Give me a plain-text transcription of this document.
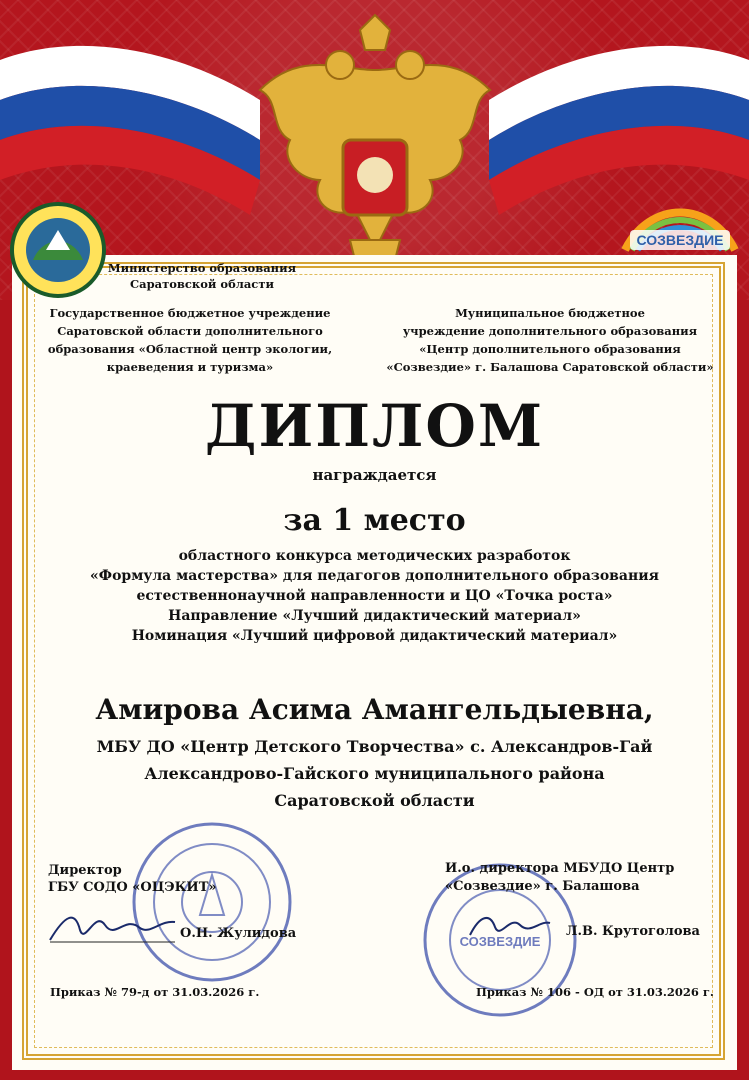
СОЗВЕЗДИЕ
Министерство образования
Саратовской области
Государственное бюджетное учреждение
Саратовской области дополнительного
образования «Областной центр экологии,
краеведения и туризма»
Муниципальное бюджетное
учреждение дополнительного образования
«Центр дополнительного образования
«Созвездие» г. Балашова Саратовской области»
ДИПЛОМ
награждается
за 1 место
областного конкурса методических разработок
«Формула мастерства» для педагогов дополнительного образования
естественнонаучной направленности и ЦО «Точка роста»
Направление «Лучший дидактический материал»
Номинация «Лучший цифровой дидактический материал»
Амирова Асима Амангельдыевна,
МБУ ДО «Центр Детского Творчества» с. Александров-Гай
Александрово-Гайского муниципального района
Саратовской области
СОЗВЕЗДИЕ
Директор
ГБУ СОДО «ОЦЭКИТ»
О.Н. Жулидова
Приказ № 79-д от 31.03.2026 г.
И.о. директора МБУДО Центр
«Созвездие» г. Балашова
Л.В. Крутоголова
Приказ № 106 - ОД от 31.03.2026 г.
